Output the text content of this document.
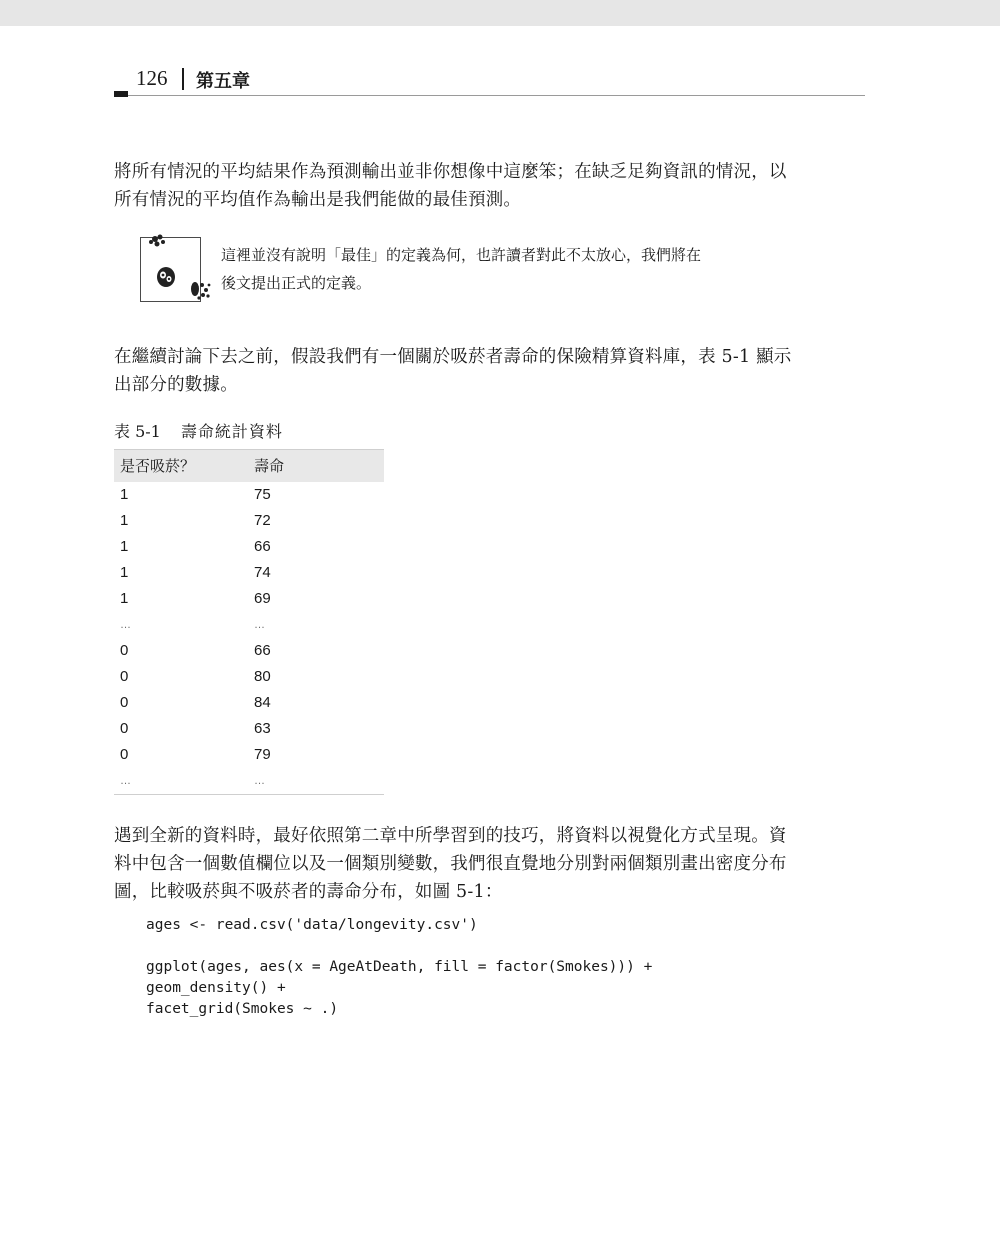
126 第五章

將所有情況的平均結果作為預測輸出並非你想像中這麼笨；在缺乏足夠資訊的情況，以
所有情況的平均值作為輸出是我們能做的最佳預測。

這裡並沒有說明「最佳」的定義為何，也許讀者對此不太放心，我們將在
後文提出正式的定義。

在繼續討論下去之前，假設我們有一個關於吸菸者壽命的保險精算資料庫，表 5-1 顯示
出部分的數據。

表 5-1 壽命統計資料
是否吸菸？	壽命
1	75
1	72
1	66
1	74
1	69
…	…
0	66
0	80
0	84
0	63
0	79
…	…

遇到全新的資料時，最好依照第二章中所學習到的技巧，將資料以視覺化方式呈現。資
料中包含一個數值欄位以及一個類別變數，我們很直覺地分別對兩個類別畫出密度分布
圖，比較吸菸與不吸菸者的壽命分布，如圖 5-1：

ages <- read.csv('data/longevity.csv')
ggplot(ages, aes(x = AgeAtDeath, fill = factor(Smokes))) +
geom_density() +
facet_grid(Smokes ~ .)
